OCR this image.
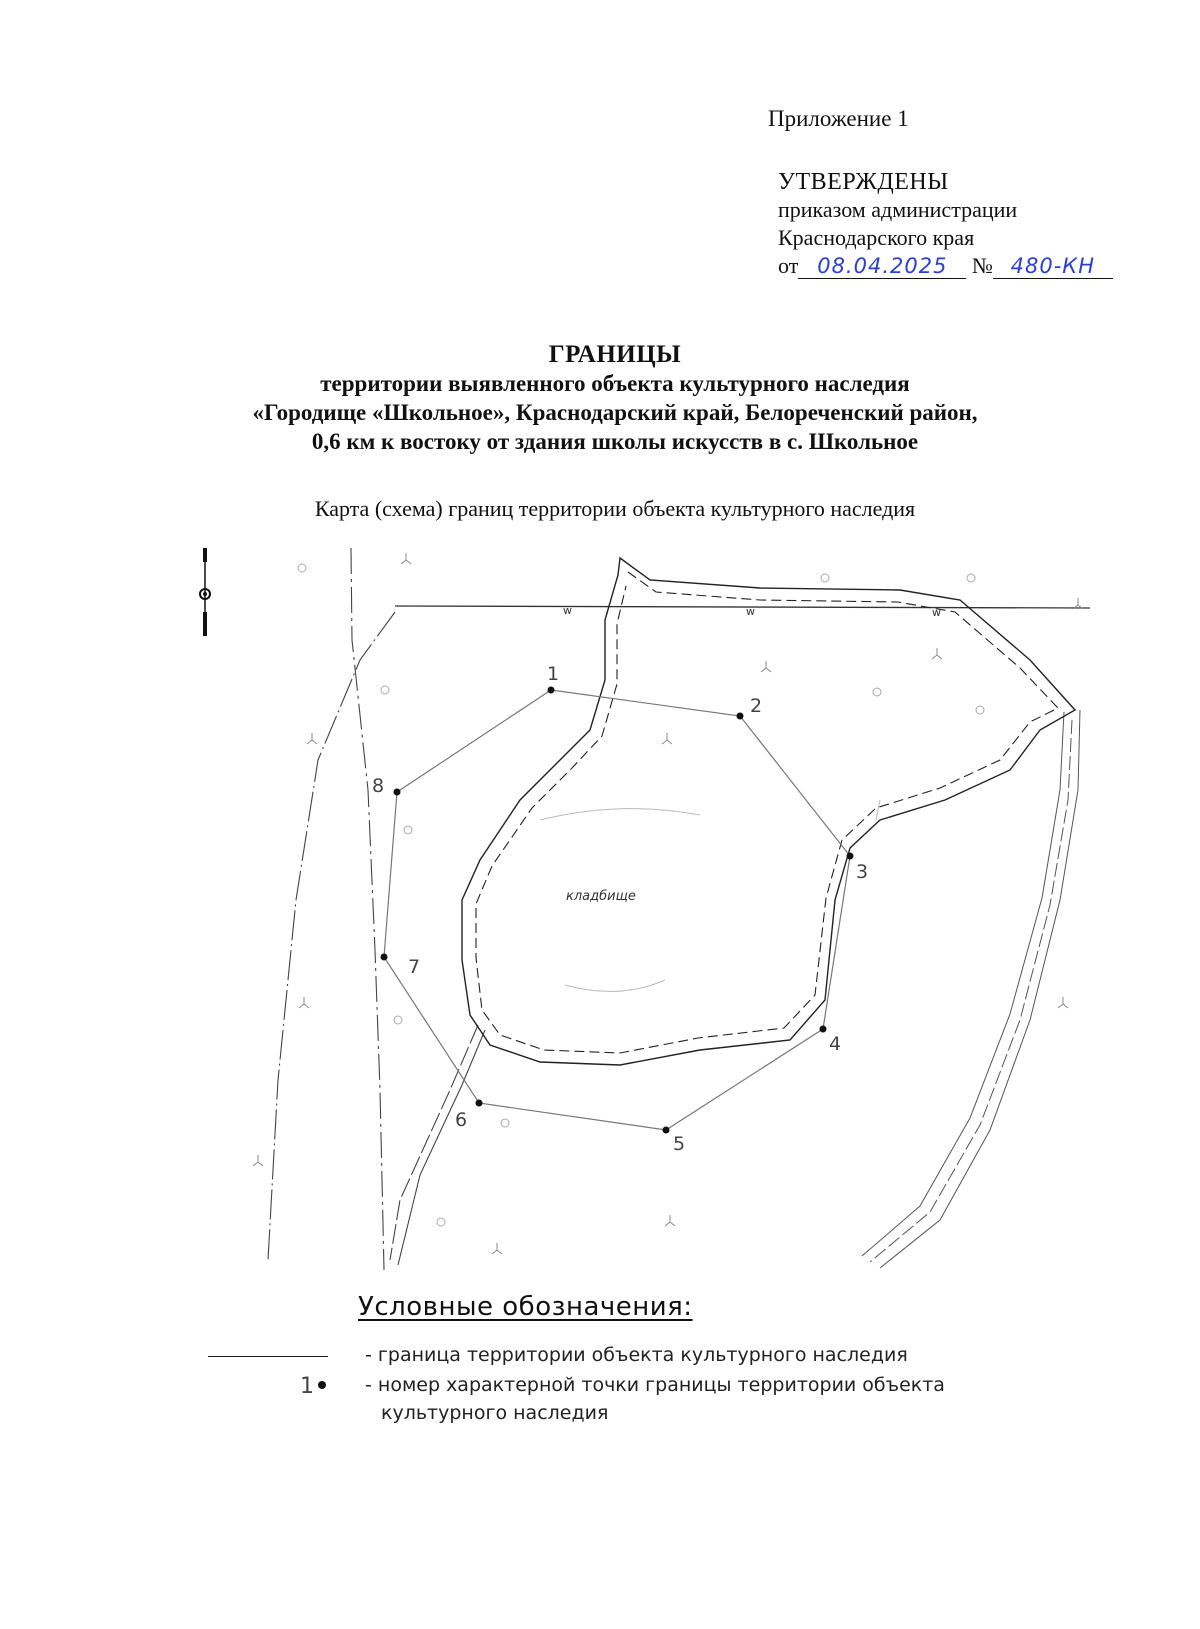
Приложение 1
УТВЕРЖДЕНЫ
приказом администрации
Краснодарского края
от 08.04.2025 № 480-КН
ГРАНИЦЫ
территории выявленного объекта культурного наследия
«Городище «Школьное», Краснодарский край, Белореченский район,
0,6 км к востоку от здания школы искусств в с. Школьное
Карта (схема) границ территории объекта культурного наследия
w	w	w
1
2
3
4
5
6
7
8
кладбище
Условные обозначения:
- граница территории объекта культурного наследия
1	- номер характерной точки границы территории объекта
культурного наследия
